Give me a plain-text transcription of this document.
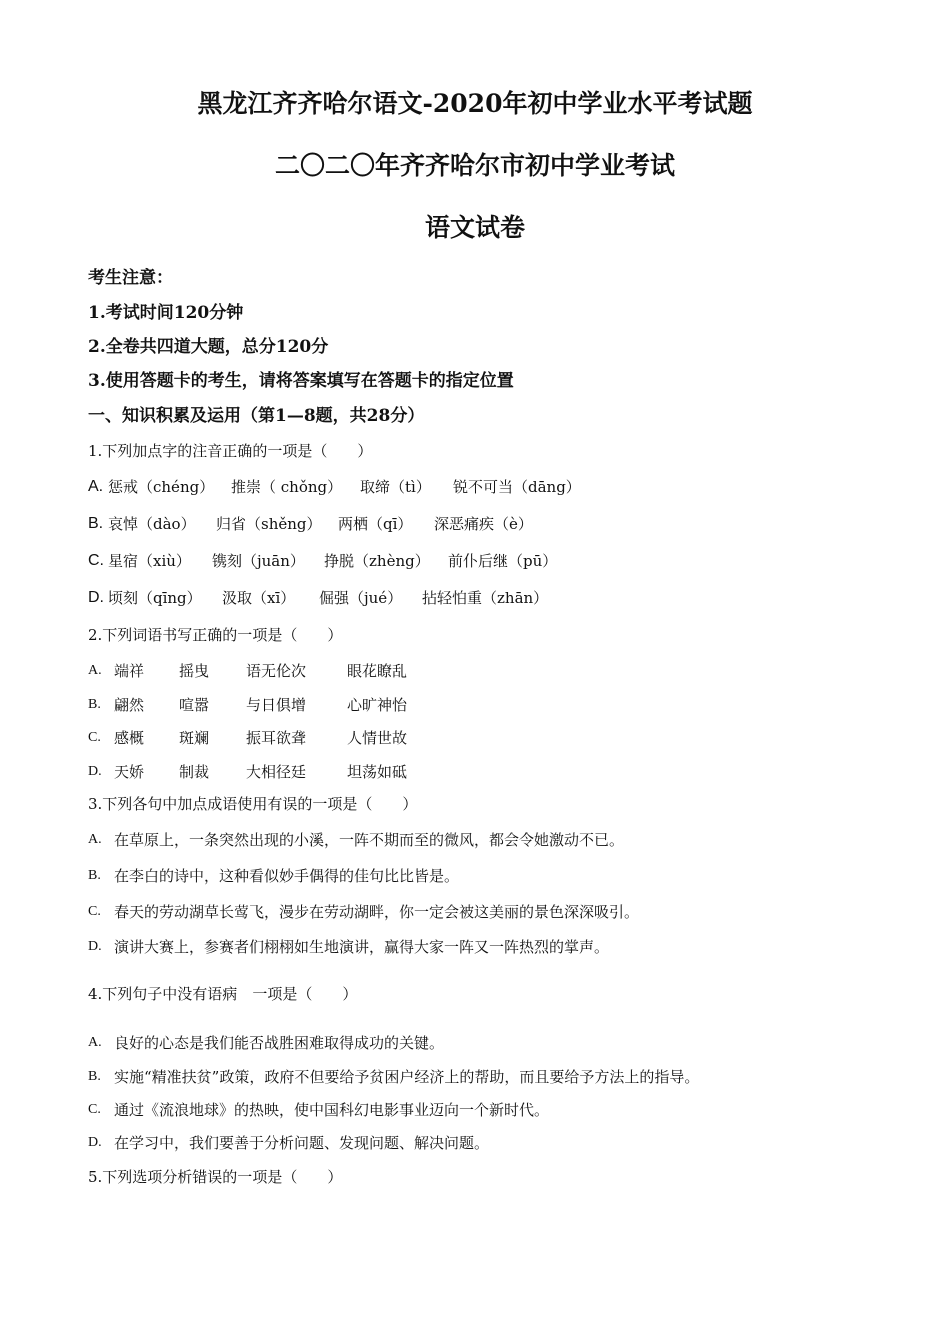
黑龙江齐齐哈尔语文-2020年初中学业水平考试题
二〇二〇年齐齐哈尔市初中学业考试
语文试卷
考生注意：
1.考试时间120分钟
2.全卷共四道大题，总分120分
3.使用答题卡的考生，请将答案填写在答题卡的指定位置
一、知识积累及运用（第1—8题，共28分）
1.下列加点字的注音正确的一项是（　　）
A. 惩戒（chéng）	推崇（ chǒng）	取缔（tì）	锐不可当（dāng）
B. 哀悼（dào）	归省（shěng）	两栖（qī）	深恶痛疾（è）
C. 星宿（xiù）	镌刻（juān）	挣脱（zhèng）	前仆后继（pū）
D. 顷刻（qīng）	汲取（xī）	倔强（jué）	拈轻怕重（zhān）
2.下列词语书写正确的一项是（　　）
A. 端祥	摇曳	语无伦次	眼花瞭乱
B. 翩然	喧嚣	与日俱增	心旷神怡
C. 感概	斑斓	振耳欲聋	人情世故
D. 天娇	制裁	大相径廷	坦荡如砥
3.下列各句中加点成语使用有误的一项是（　　）
A. 在草原上，一条突然出现的小溪，一阵不期而至的微风，都会令她激动不已。
B. 在李白的诗中，这种看似妙手偶得的佳句比比皆是。
C. 春天的劳动湖草长莺飞，漫步在劳动湖畔，你一定会被这美丽的景色深深吸引。
D. 演讲大赛上，参赛者们栩栩如生地演讲，赢得大家一阵又一阵热烈的掌声。
4.下列句子中没有语病　一项是（　　）
A. 良好的心态是我们能否战胜困难取得成功的关键。
B. 实施“精准扶贫”政策，政府不但要给予贫困户经济上的帮助，而且要给予方法上的指导。
C. 通过《流浪地球》的热映，使中国科幻电影事业迈向一个新时代。
D. 在学习中，我们要善于分析问题、发现问题、解决问题。
5.下列选项分析错误的一项是（　　）
